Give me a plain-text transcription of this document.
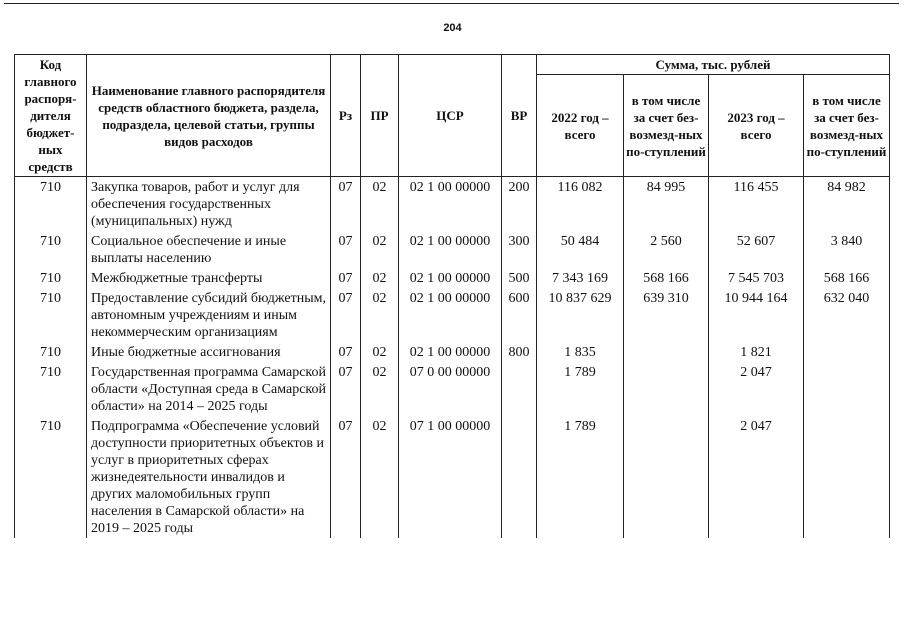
204
Код главного распоря-дителя бюджет-ных средств	Наименование главного распорядителя средств областного бюджета, раздела, подраздела, целевой статьи, группы видов расходов	Рз	ПР	ЦСР	ВР	Сумма, тыс. рублей			
						2022 год – всего	в том числе за счет без-возмезд-ных по-ступлений	2023 год – всего	в том числе за счет без-возмезд-ных по-ступлений
710	Закупка товаров, работ и услуг для обеспечения государственных (муниципальных) нужд	07	02	02 1 00 00000	200	116 082	84 995	116 455	84 982
710	Социальное обеспечение и иные выплаты населению	07	02	02 1 00 00000	300	50 484	2 560	52 607	3 840
710	Межбюджетные трансферты	07	02	02 1 00 00000	500	7 343 169	568 166	7 545 703	568 166
710	Предоставление субсидий бюджетным, автономным учреждениям и иным некоммерческим организациям	07	02	02 1 00 00000	600	10 837 629	639 310	10 944 164	632 040
710	Иные бюджетные ассигнования	07	02	02 1 00 00000	800	1 835		1 821	
710	Государственная программа Самарской области «Доступная среда в Самарской области» на 2014 – 2025 годы	07	02	07 0 00 00000		1 789		2 047	
710	Подпрограмма «Обеспечение условий доступности приоритетных объектов и услуг в приоритетных сферах жизнедеятельности инвалидов и других маломобильных групп населения в Самарской области» на 2019 – 2025 годы	07	02	07 1 00 00000		1 789		2 047	
